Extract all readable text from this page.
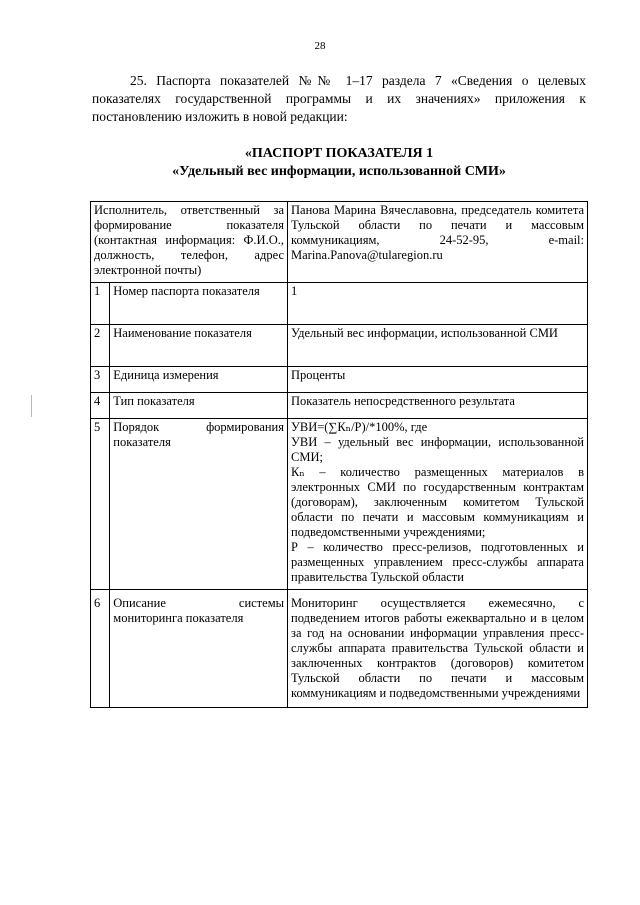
28

25. Паспорта показателей №№ 1–17 раздела 7 «Сведения о целевых показателях государственной программы и их значениях» приложения к постановлению изложить в новой редакции:

«ПАСПОРТ ПОКАЗАТЕЛЯ 1
«Удельный вес информации, использованной СМИ»
Исполнитель, ответственный за формирование показателя (контактная информация: Ф.И.О., должность, телефон, адрес электронной почты)		Панова Марина Вячеславовна, председатель комитета Тульской области по печати и массовым коммуникациям, 24-52-95, e-mail: Marina.Panova@tularegion.ru
1	Номер паспорта показателя	1

2	Наименование показателя	Удельный вес информации, использованной СМИ

3	Единица измерения	Проценты

4	Тип показателя	Показатель непосредственного результата

5	Порядок формирования показателя	УВИ=(∑Кₙ/Р)/*100%, где
УВИ – удельный вес информации, использованной СМИ;
Кₙ – количество размещенных материалов в электронных СМИ по государственным контрактам (договорам), заключенным комитетом Тульской области по печати и массовым коммуникациям и подведомственными учреждениями;
Р – количество пресс-релизов, подготовленных и размещенных управлением пресс-службы аппарата правительства Тульской области

6	Описание системы мониторинга показателя	Мониторинг осуществляется ежемесячно, с подведением итогов работы ежеквартально и в целом за год на основании информации управления пресс-службы аппарата правительства Тульской области и заключенных контрактов (договоров) комитетом Тульской области по печати и массовым коммуникациям и подведомственными учреждениями
